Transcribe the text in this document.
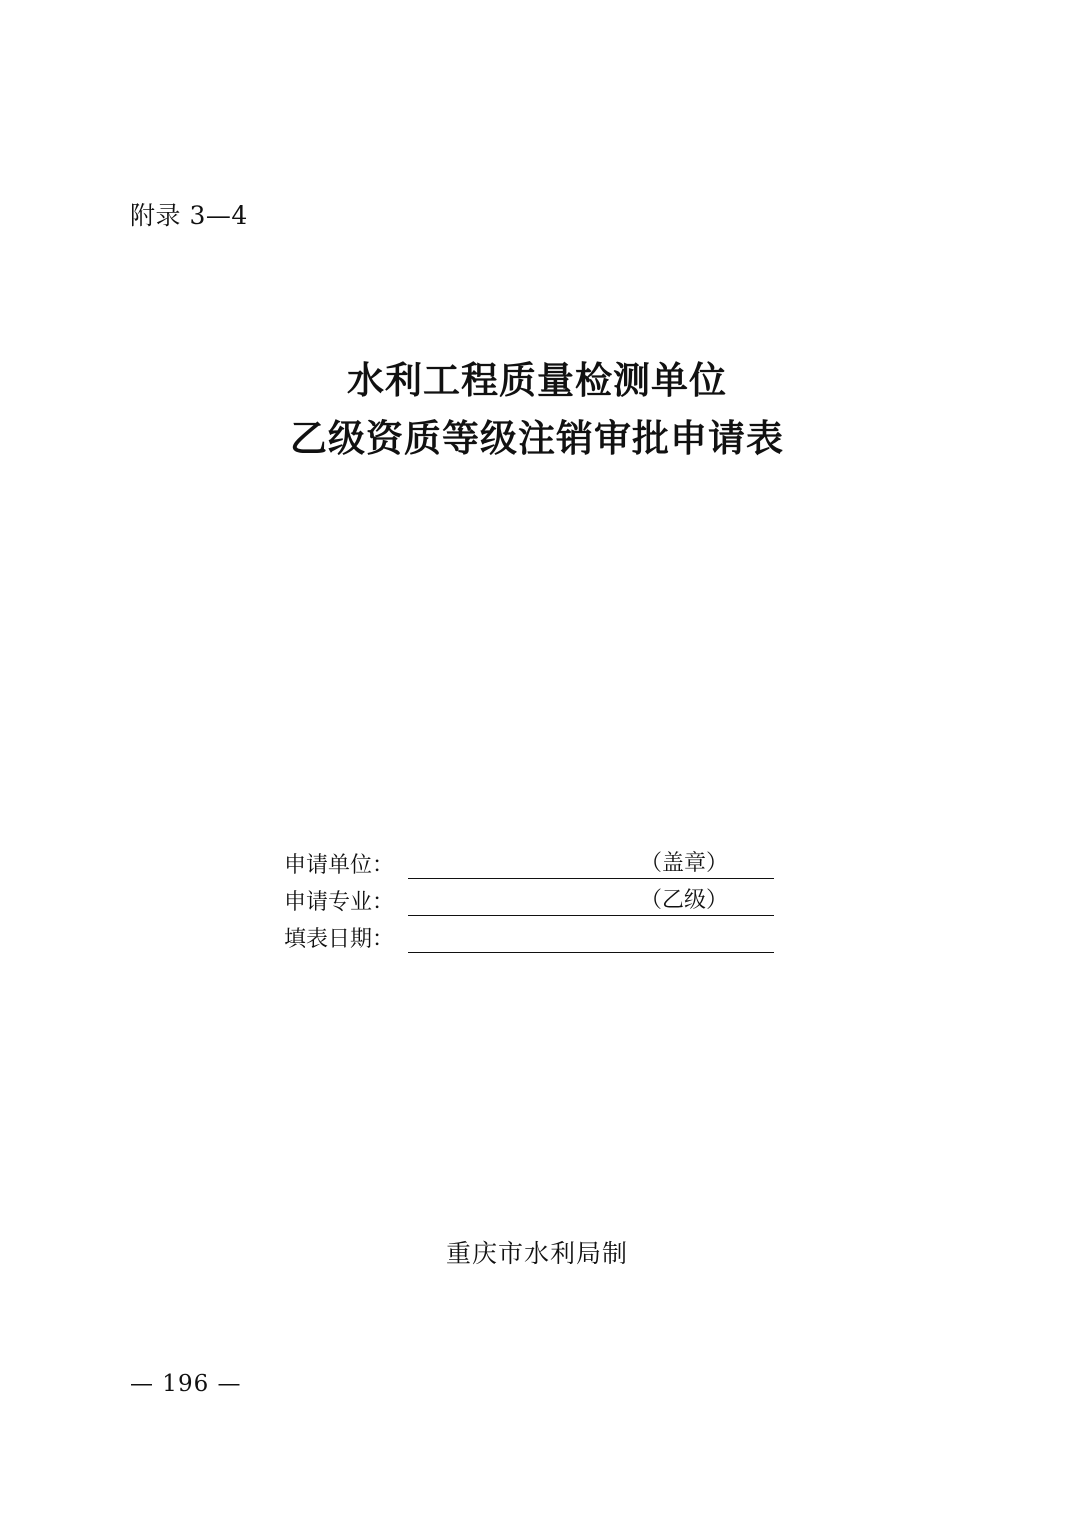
附录 3—4
水利工程质量检测单位
乙级资质等级注销审批申请表
申请单位：	（盖章）
申请专业：	（乙级）
填表日期：
重庆市水利局制
— 196 —
